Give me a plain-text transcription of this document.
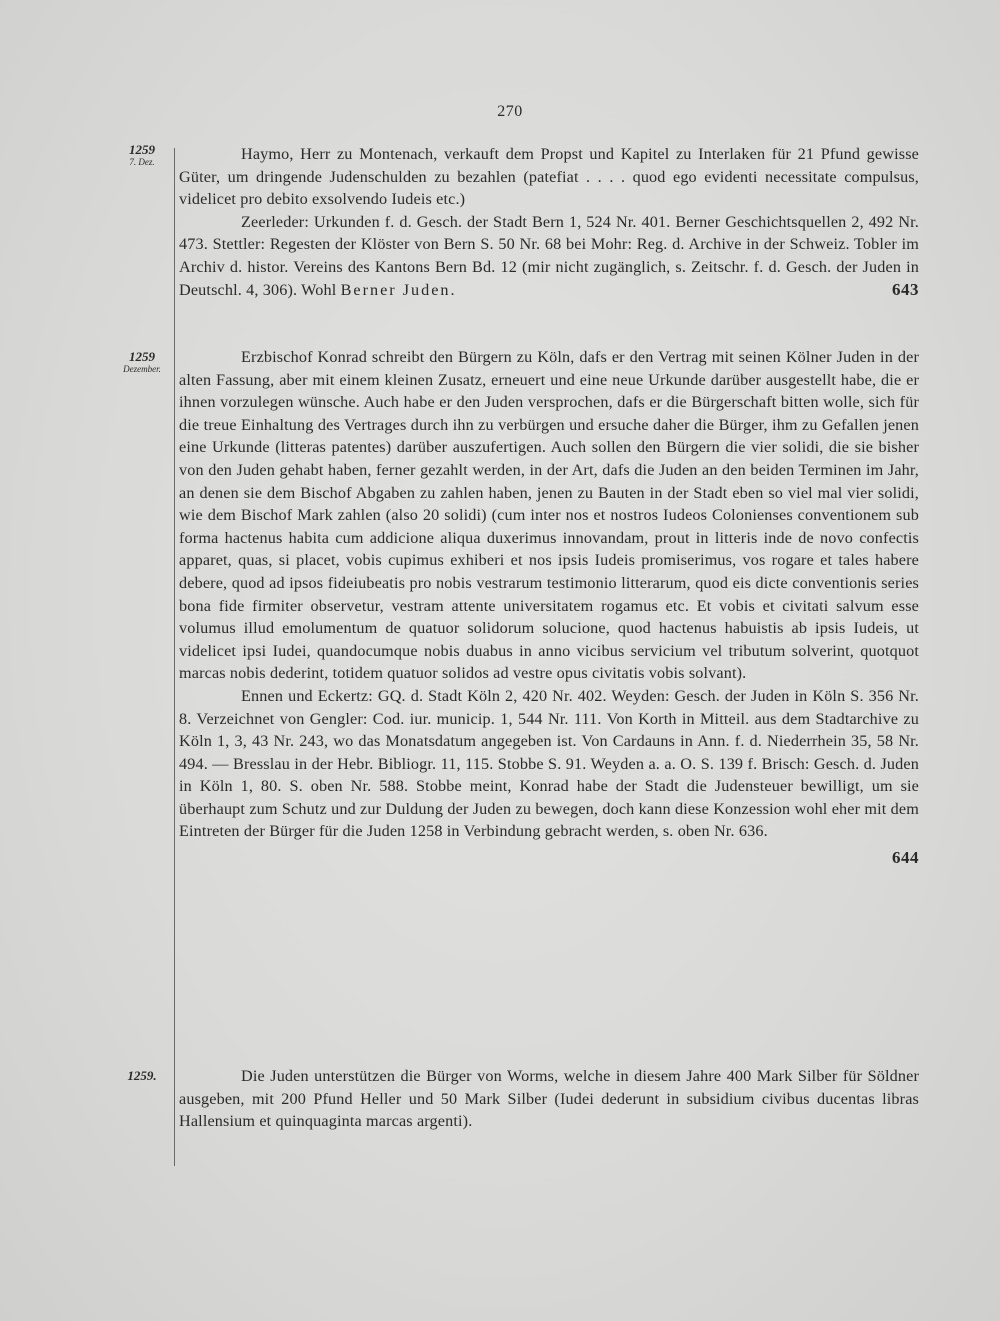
270
1259
7. Dez.	Haymo, Herr zu Montenach, verkauft dem Propst und Kapitel zu Interlaken für 21 Pfund gewisse Güter, um dringende Judenschulden zu bezahlen (patefiat . . . . quod ego evidenti necessitate compulsus, videlicet pro debito exsolvendo Iudeis etc.)

Zeerleder: Urkunden f. d. Gesch. der Stadt Bern 1, 524 Nr. 401. Berner Geschichtsquellen 2, 492 Nr. 473. Stettler: Regesten der Klöster von Bern S. 50 Nr. 68 bei Mohr: Reg. d. Archive in der Schweiz. Tobler im Archiv d. histor. Vereins des Kantons Bern Bd. 12 (mir nicht zugänglich, s. Zeitschr. f. d. Gesch. der Juden in Deutschl. 4, 306). Wohl Berner Juden.	643

1259
Dezember.

Erzbischof Konrad schreibt den Bürgern zu Köln, dafs er den Vertrag mit seinen Kölner Juden in der alten Fassung, aber mit einem kleinen Zusatz, erneuert und eine neue Urkunde darüber ausgestellt habe, die er ihnen vorzulegen wünsche. Auch habe er den Juden versprochen, dafs er die Bürgerschaft bitten wolle, sich für die treue Einhaltung des Vertrages durch ihn zu verbürgen und ersuche daher die Bürger, ihm zu Gefallen jenen eine Urkunde (litteras patentes) darüber auszufertigen. Auch sollen den Bürgern die vier solidi, die sie bisher von den Juden gehabt haben, ferner gezahlt werden, in der Art, dafs die Juden an den beiden Terminen im Jahr, an denen sie dem Bischof Abgaben zu zahlen haben, jenen zu Bauten in der Stadt eben so viel mal vier solidi, wie dem Bischof Mark zahlen (also 20 solidi) (cum inter nos et nostros Iudeos Colonienses conventionem sub forma hactenus habita cum addicione aliqua duxerimus innovandam, prout in litteris inde de novo confectis apparet, quas, si placet, vobis cupimus exhiberi et nos ipsis Iudeis promiserimus, vos rogare et tales habere debere, quod ad ipsos fideiubeatis pro nobis vestrarum testimonio litterarum, quod eis dicte conventionis series bona fide firmiter observetur, vestram attente universitatem rogamus etc. Et vobis et civitati salvum esse volumus illud emolumentum de quatuor solidorum solucione, quod hactenus habuistis ab ipsis Iudeis, ut videlicet ipsi Iudei, quandocumque nobis duabus in anno vicibus servicium vel tributum solverint, quotquot marcas nobis dederint, totidem quatuor solidos ad vestre opus civitatis vobis solvant).

Ennen und Eckertz: GQ. d. Stadt Köln 2, 420 Nr. 402. Weyden: Gesch. der Juden in Köln S. 356 Nr. 8. Verzeichnet von Gengler: Cod. iur. municip. 1, 544 Nr. 111. Von Korth in Mitteil. aus dem Stadtarchive zu Köln 1, 3, 43 Nr. 243, wo das Monatsdatum angegeben ist. Von Cardauns in Ann. f. d. Niederrhein 35, 58 Nr. 494. — Bresslau in der Hebr. Bibliogr. 11, 115. Stobbe S. 91. Weyden a. a. O. S. 139 f. Brisch: Gesch. d. Juden in Köln 1, 80. S. oben Nr. 588. Stobbe meint, Konrad habe der Stadt die Judensteuer bewilligt, um sie überhaupt zum Schutz und zur Duldung der Juden zu bewegen, doch kann diese Konzession wohl eher mit dem Eintreten der Bürger für die Juden 1258 in Verbindung gebracht werden, s. oben Nr. 636.

644
1259.	Die Juden unterstützen die Bürger von Worms, welche in diesem Jahre 400 Mark Silber für Söldner ausgeben, mit 200 Pfund Heller und 50 Mark Silber (Iudei dederunt in subsidium civibus ducentas libras Hallensium et quinquaginta marcas argenti).
